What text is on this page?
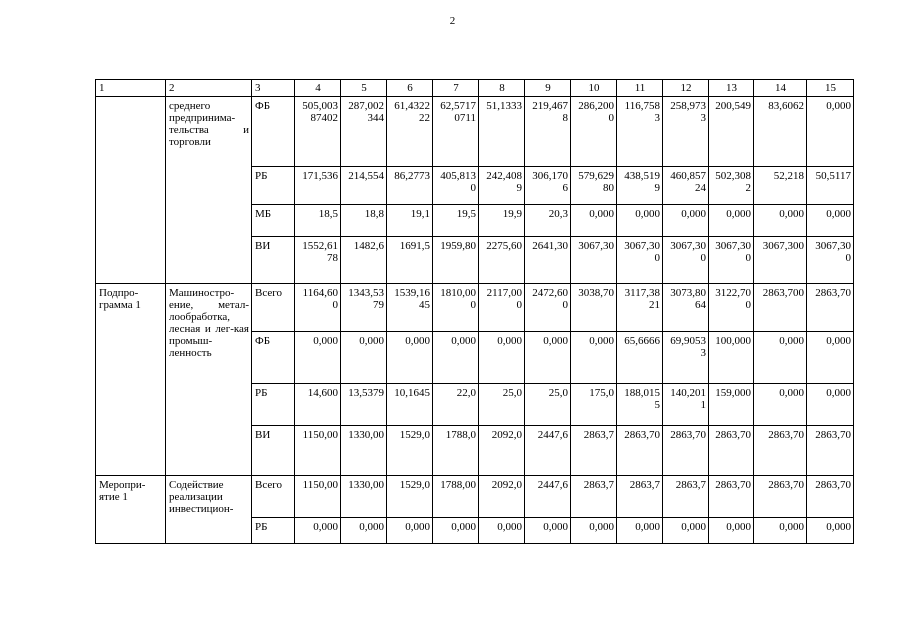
2
1	2	3	4	5	6	7	8	9	10	11	12	13	14	15
	среднего предпринима-тельства и торговли	ФБ	505,00387402	287,002344	61,432222	62,57170711	51,1333	219,4678	286,2000	116,7583	258,9733	200,549	83,6062	0,000
		РБ	171,536	214,554	86,2773	405,8130	242,4089	306,1706	579,62980	438,5199	460,85724	502,3082	52,218	50,5117
		МБ	18,5	18,8	19,1	19,5	19,9	20,3	0,000	0,000	0,000	0,000	0,000	0,000
		ВИ	1552,6178	1482,6	1691,5	1959,80	2275,60	2641,30	3067,30	3067,300	3067,300	3067,300	3067,300	3067,300
Подпро-грамма 1	Машиностро-ение, метал-лообработка, лесная и лег-кая промыш-ленность	Всего	1164,600	1343,5379	1539,1645	1810,000	2117,000	2472,600	3038,70	3117,3821	3073,8064	3122,700	2863,700	2863,70
		ФБ	0,000	0,000	0,000	0,000	0,000	0,000	0,000	65,6666	69,90533	100,000	0,000	0,000
		РБ	14,600	13,5379	10,1645	22,0	25,0	25,0	175,0	188,0155	140,2011	159,000	0,000	0,000
		ВИ	1150,00	1330,00	1529,0	1788,0	2092,0	2447,6	2863,7	2863,70	2863,70	2863,70	2863,70	2863,70
Меропри-ятие 1	Содействие реализации инвестицион-	Всего	1150,00	1330,00	1529,0	1788,00	2092,0	2447,6	2863,7	2863,7	2863,7	2863,70	2863,70	2863,70
		РБ	0,000	0,000	0,000	0,000	0,000	0,000	0,000	0,000	0,000	0,000	0,000	0,000
